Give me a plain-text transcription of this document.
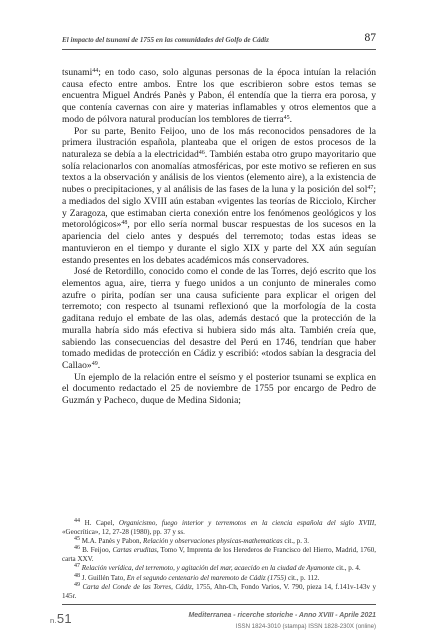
El impacto del tsunami de 1755 en las comunidades del Golfo de Cádiz	87

tsunami$^{44}$; en todo caso, solo algunas personas de la época intuían la relación causa efecto entre ambos. Entre los que escribieron sobre estos temas se encuentra Miguel Andrés Panès y Pabon, él entendía que la tierra era porosa, y que contenía cavernas con aire y materias inflamables y otros elementos que a modo de pólvora natural producían los temblores de tierra$^{45}$.

Por su parte, Benito Feijoo, uno de los más reconocidos pensadores de la primera ilustración española, planteaba que el origen de estos procesos de la naturaleza se debía a la electricidad$^{46}$. También estaba otro grupo mayoritario que solía relacionarlos con anomalías atmosféricas, por este motivo se refieren en sus textos a la observación y análisis de los vientos (elemento aire), a la existencia de nubes o precipitaciones, y al análisis de las fases de la luna y la posición del sol$^{47}$; a mediados del siglo XVIII aún estaban «vigentes las teorías de Ricciolo, Kircher y Zaragoza, que estimaban cierta conexión entre los fenómenos geológicos y los metorológicos»$^{48}$, por ello sería normal buscar respuestas de los sucesos en la apariencia del cielo antes y después del terremoto; todas estas ideas se mantuvieron en el tiempo y durante el siglo XIX y parte del XX aún seguían estando presentes en los debates académicos más conservadores.

José de Retordillo, conocido como el conde de las Torres, dejó escrito que los elementos agua, aire, tierra y fuego unidos a un conjunto de minerales como azufre o pirita, podían ser una causa suficiente para explicar el origen del terremoto; con respecto al tsunami reflexionó que la morfología de la costa gaditana redujo el embate de las olas, además destacó que la protección de la muralla habría sido más efectiva si hubiera sido más alta. También creía que, sabiendo las consecuencias del desastre del Perú en 1746, tendrían que haber tomado medidas de protección en Cádiz y escribió: «todos sabían la desgracia del Callao»$^{49}$.

Un ejemplo de la relación entre el seísmo y el posterior tsunami se explica en el documento redactado el 25 de noviembre de 1755 por encargo de Pedro de Guzmán y Pacheco, duque de Medina Sidonia;

$^{44}$ H. Capel, Organicismo, fuego interior y terremotos en la ciencia española del siglo XVIII, «Geocrítica», 12, 27-28 (1980), pp. 37 y ss.

$^{45}$ M.A. Panès y Pabon, Relación y observaciones physicas-mathematicas cit., p. 3.

$^{46}$ B. Feijoo, Cartas eruditas, Tomo V, Imprenta de los Herederos de Francisco del Hierro, Madrid, 1760, carta XXV.

$^{47}$ Relación verídica, del terremoto, y agitación del mar, acaecido en la ciudad de Ayamonte cit., p. 4.

$^{48}$ J. Guillén Tato, En el segundo centenario del maremoto de Cádiz (1755) cit., p. 112.

$^{49}$ Carta del Conde de las Torres, Cádiz, 1755, Ahn-Ch, Fondo Varios, V. 790, pieza 14, f.141v-143v y 145r.

n.51	Mediterranea - ricerche storiche - Anno XVIII - Aprile 2021
ISSN 1824-3010 (stampa) ISSN 1828-230X (online)
